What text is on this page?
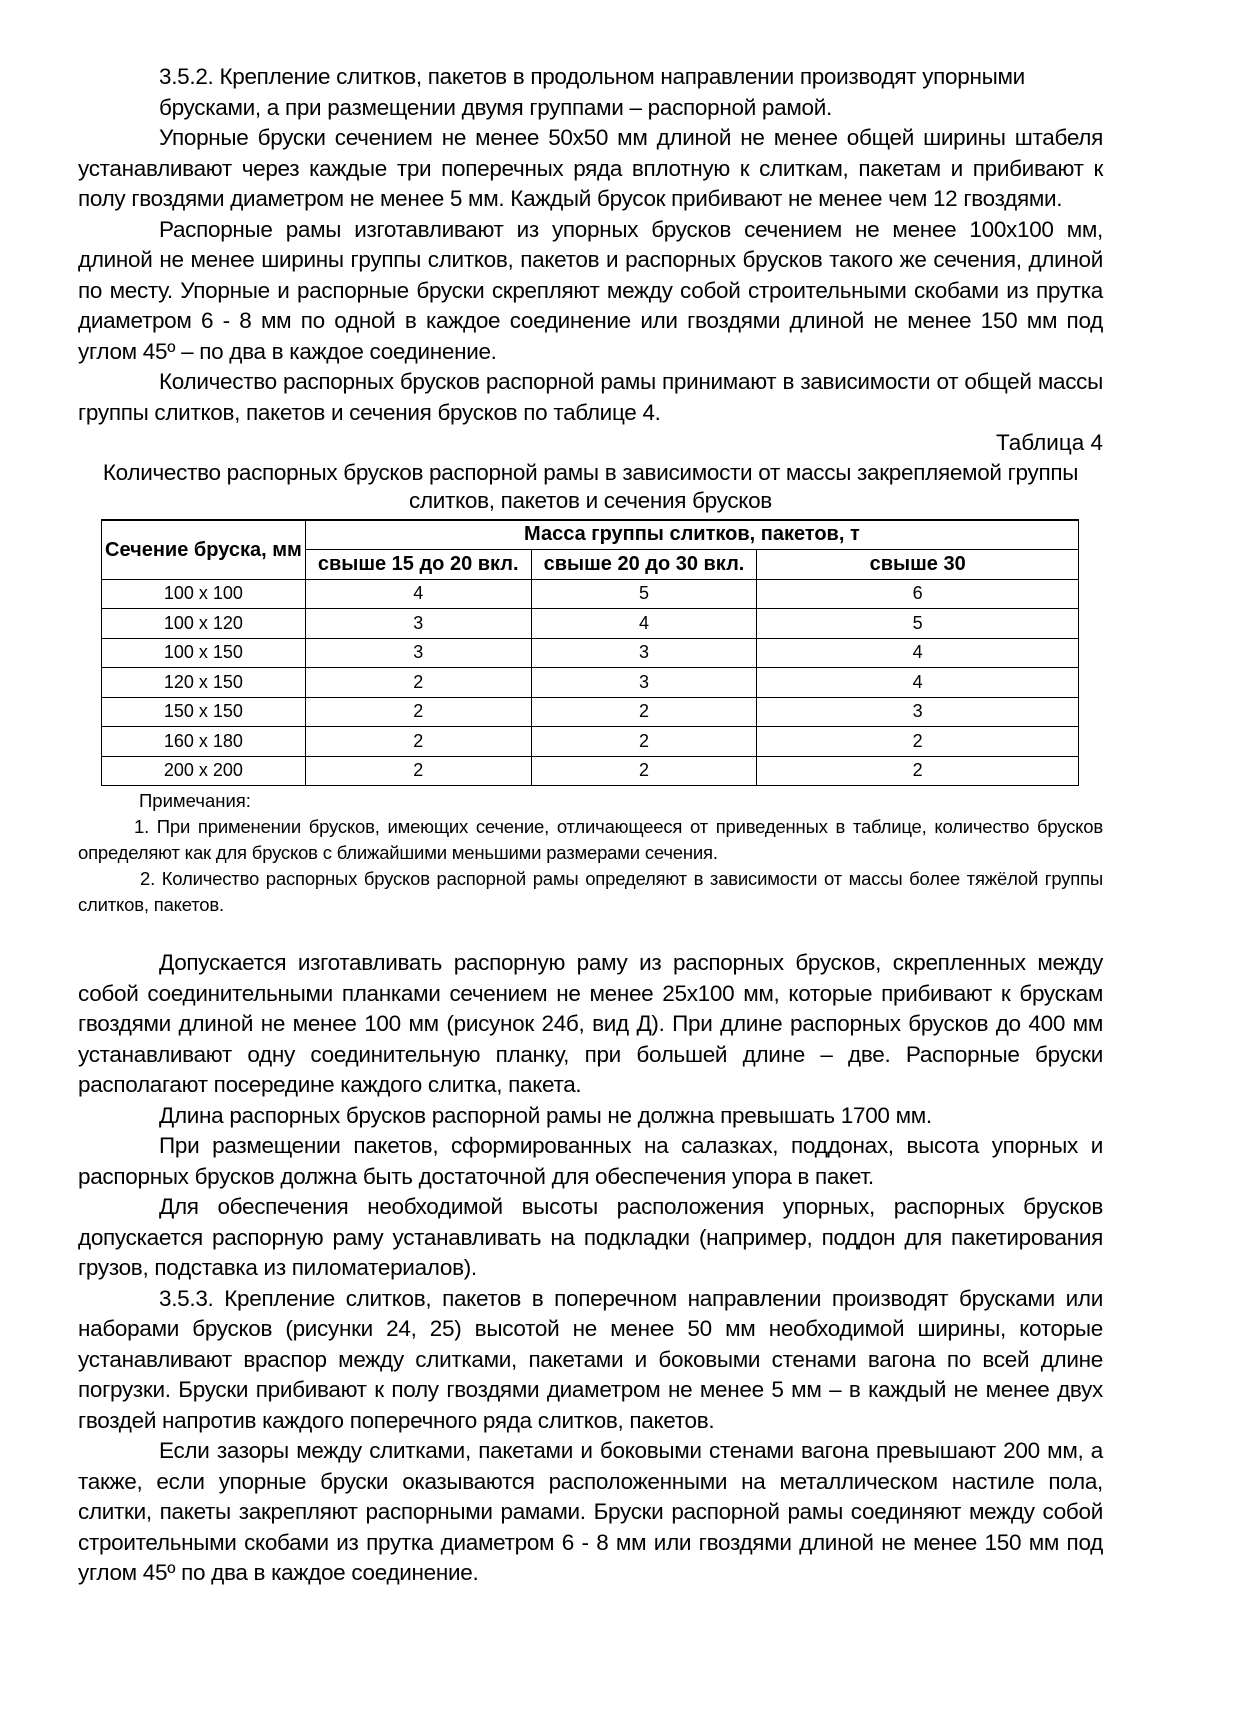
3.5.2. Крепление слитков, пакетов в продольном направлении производят упорными брусками, а при размещении двумя группами – распорной рамой.

Упорные бруски сечением не менее 50х50 мм длиной не менее общей ширины штабеля устанавливают через каждые три поперечных ряда вплотную к слиткам, пакетам и прибивают к полу гвоздями диаметром не менее 5 мм. Каждый брусок прибивают не менее чем 12 гвоздями.

Распорные рамы изготавливают из упорных брусков сечением не менее 100х100 мм, длиной не менее ширины группы слитков, пакетов и распорных брусков такого же сечения, длиной по месту. Упорные и распорные бруски скрепляют между собой строительными скобами из прутка диаметром 6 - 8 мм по одной в каждое соединение или гвоздями длиной не менее 150 мм под углом 45º – по два в каждое соединение.

Количество распорных брусков распорной рамы принимают в зависимости от общей массы группы слитков, пакетов и сечения брусков по таблице 4.

Таблица 4

Количество распорных брусков распорной рамы в зависимости от массы закрепляемой группы слитков, пакетов и сечения брусков

Сечение бруска, мм	Масса группы слитков, пакетов, т		
	свыше 15 до 20 вкл.	свыше 20 до 30 вкл.	свыше 30
100 x 100	4	5	6
100 x 120	3	4	5
100 x 150	3	3	4
120 x 150	2	3	4
150 x 150	2	2	3
160 x 180	2	2	2
200 x 200	2	2	2

Примечания:

1. При применении брусков, имеющих сечение, отличающееся от приведенных в таблице, количество брусков определяют как для брусков с ближайшими меньшими размерами сечения.

2. Количество распорных брусков распорной рамы определяют в зависимости от массы более тяжёлой группы слитков, пакетов.

Допускается изготавливать распорную раму из распорных брусков, скрепленных между собой соединительными планками сечением не менее 25х100 мм, которые прибивают к брускам гвоздями длиной не менее 100 мм (рисунок 24б, вид Д). При длине распорных брусков до 400 мм устанавливают одну соединительную планку, при большей длине – две. Распорные бруски располагают посередине каждого слитка, пакета.

Длина распорных брусков распорной рамы не должна превышать 1700 мм.

При размещении пакетов, сформированных на салазках, поддонах, высота упорных и распорных брусков должна быть достаточной для обеспечения упора в пакет.

Для обеспечения необходимой высоты расположения упорных, распорных брусков допускается распорную раму устанавливать на подкладки (например, поддон для пакетирования грузов, подставка из пиломатериалов).

3.5.3. Крепление слитков, пакетов в поперечном направлении производят брусками или наборами брусков (рисунки 24, 25) высотой не менее 50 мм необходимой ширины, которые устанавливают враспор между слитками, пакетами и боковыми стенами вагона по всей длине погрузки. Бруски прибивают к полу гвоздями диаметром не менее 5 мм – в каждый не менее двух гвоздей напротив каждого поперечного ряда слитков, пакетов.

Если зазоры между слитками, пакетами и боковыми стенами вагона превышают 200 мм, а также, если упорные бруски оказываются расположенными на металлическом настиле пола, слитки, пакеты закрепляют распорными рамами. Бруски распорной рамы соединяют между собой строительными скобами из прутка диаметром 6 - 8 мм или гвоздями длиной не менее 150 мм под углом 45º по два в каждое соединение.
